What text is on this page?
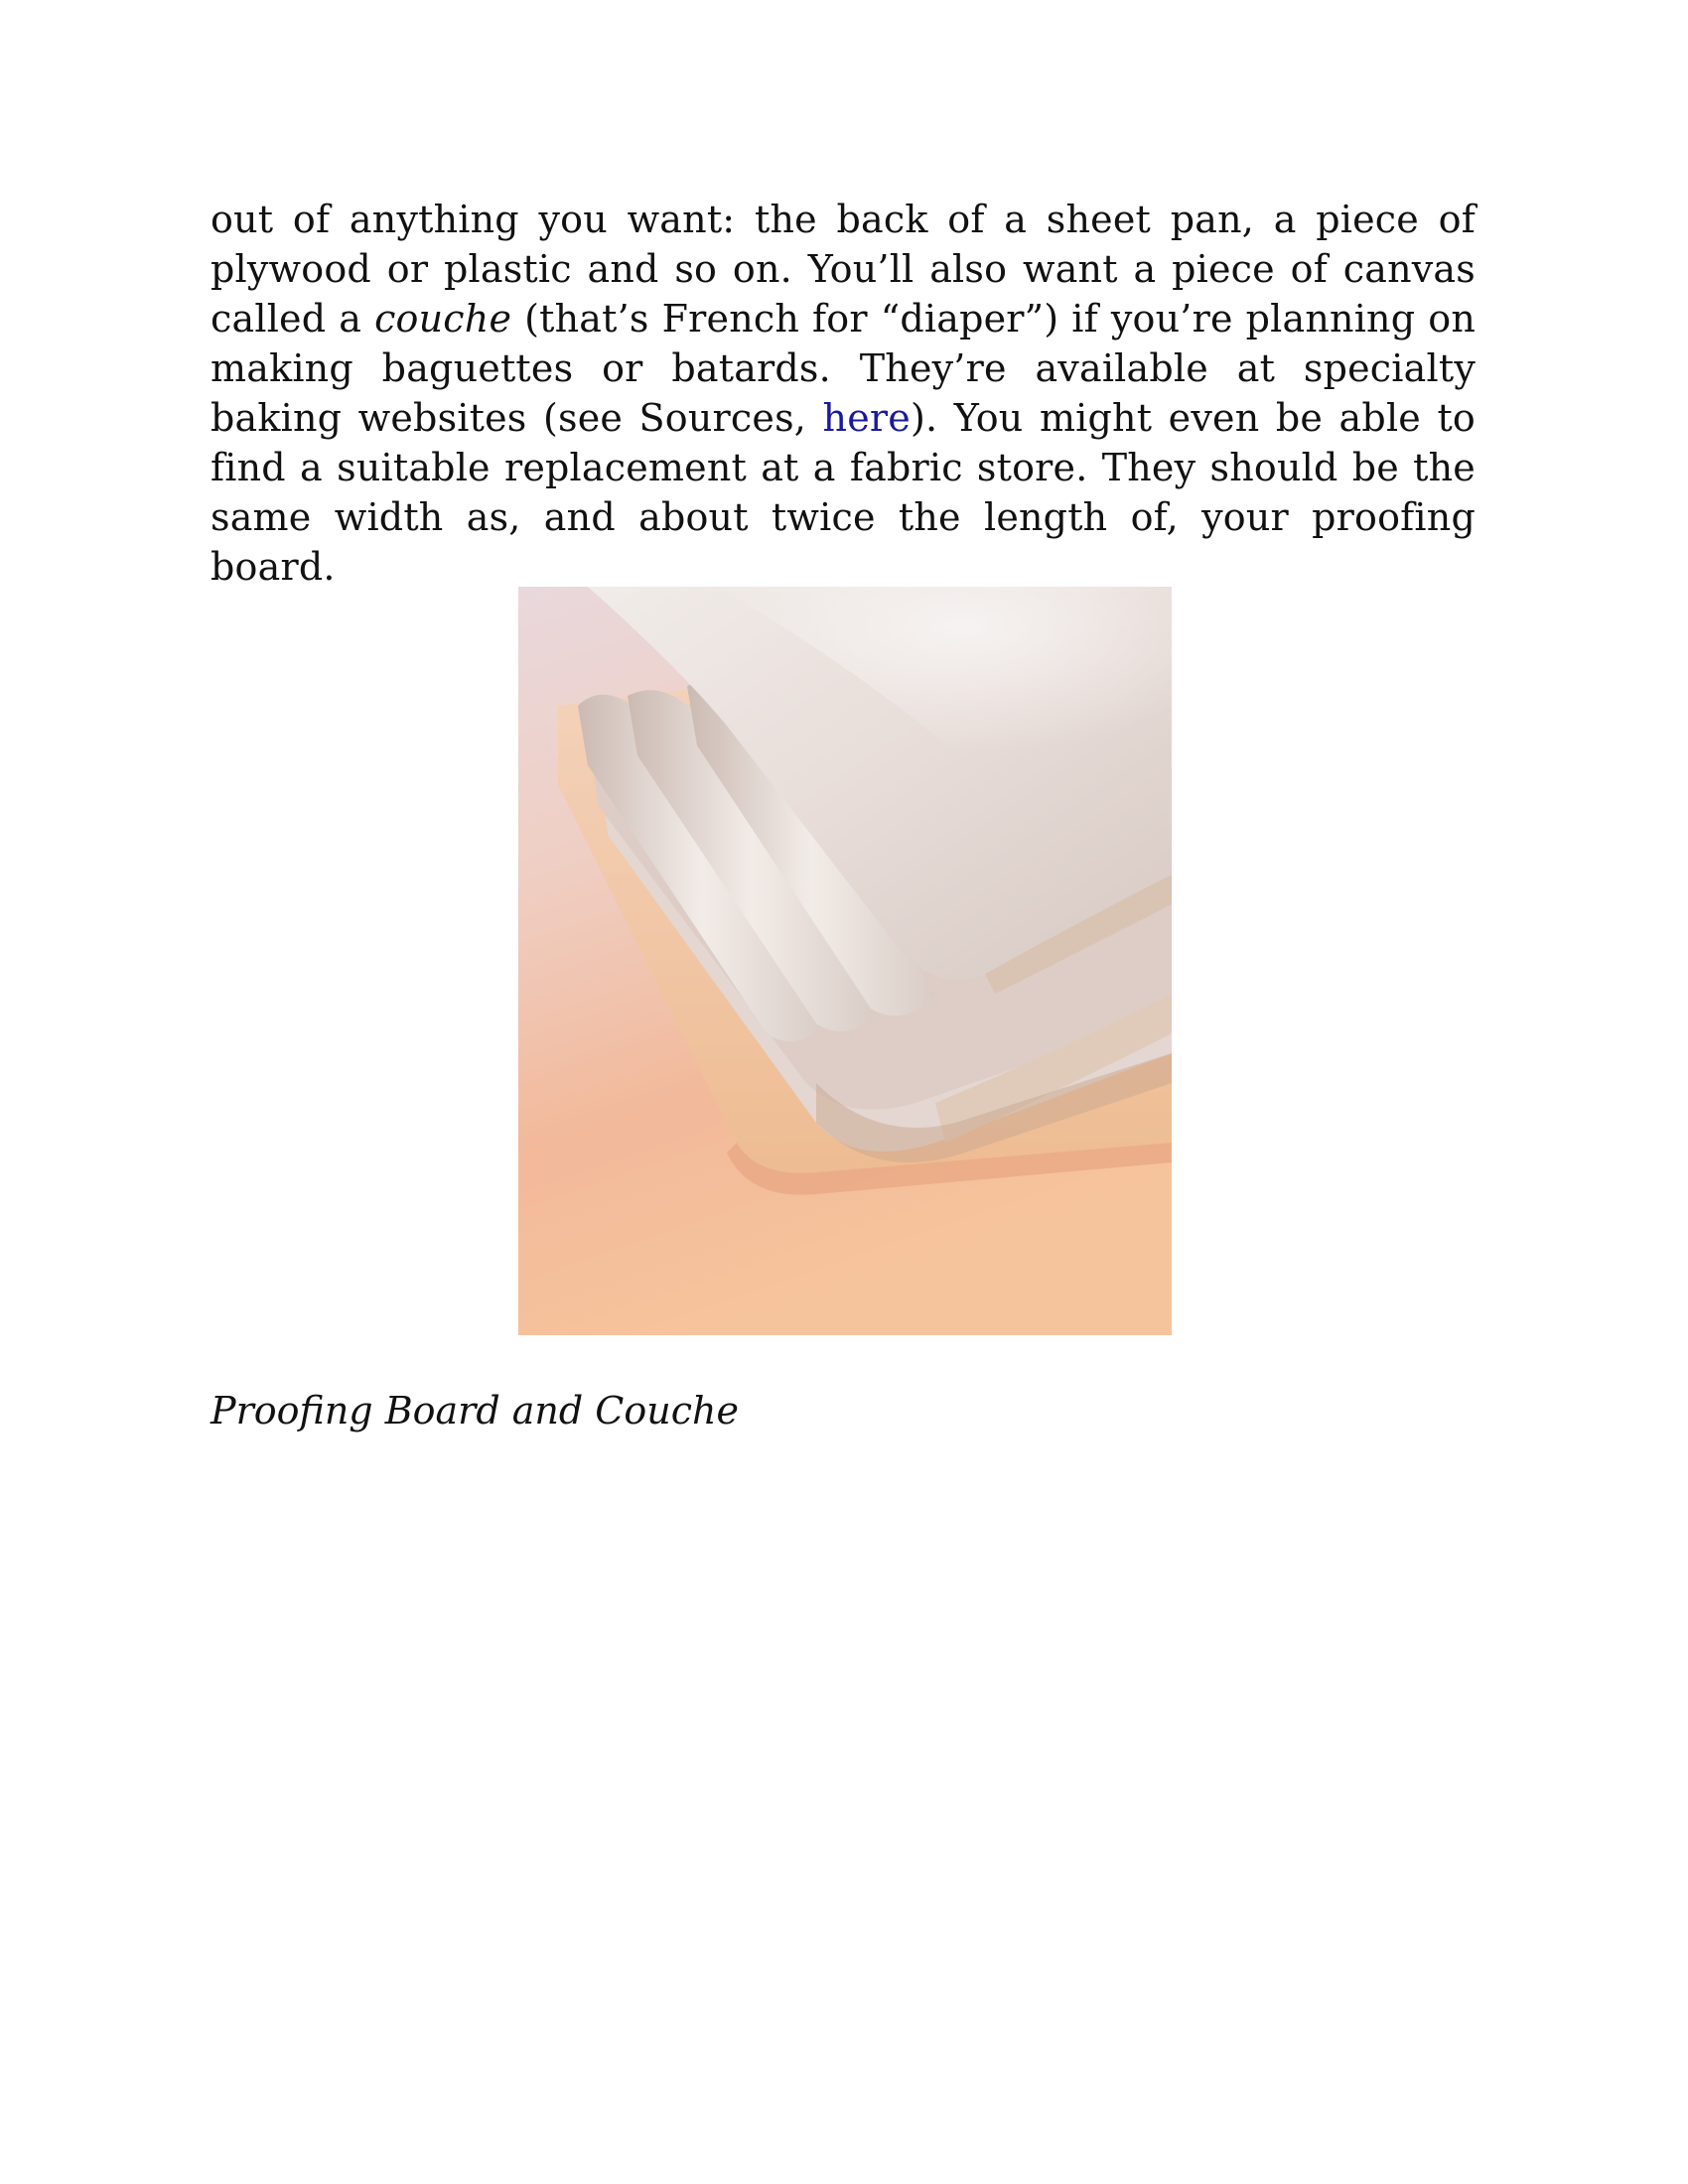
out of anything you want: the back of a sheet pan, a piece of plywood or plastic and so on. You’ll also want a piece of canvas called a couche (that’s French for “diaper”) if you’re planning on making baguettes or batards. They’re available at specialty baking websites (see Sources, here). You might even be able to find a suitable replacement at a fabric store. They should be the same width as, and about twice the length of, your proofing board.

Proofing Board and Couche
